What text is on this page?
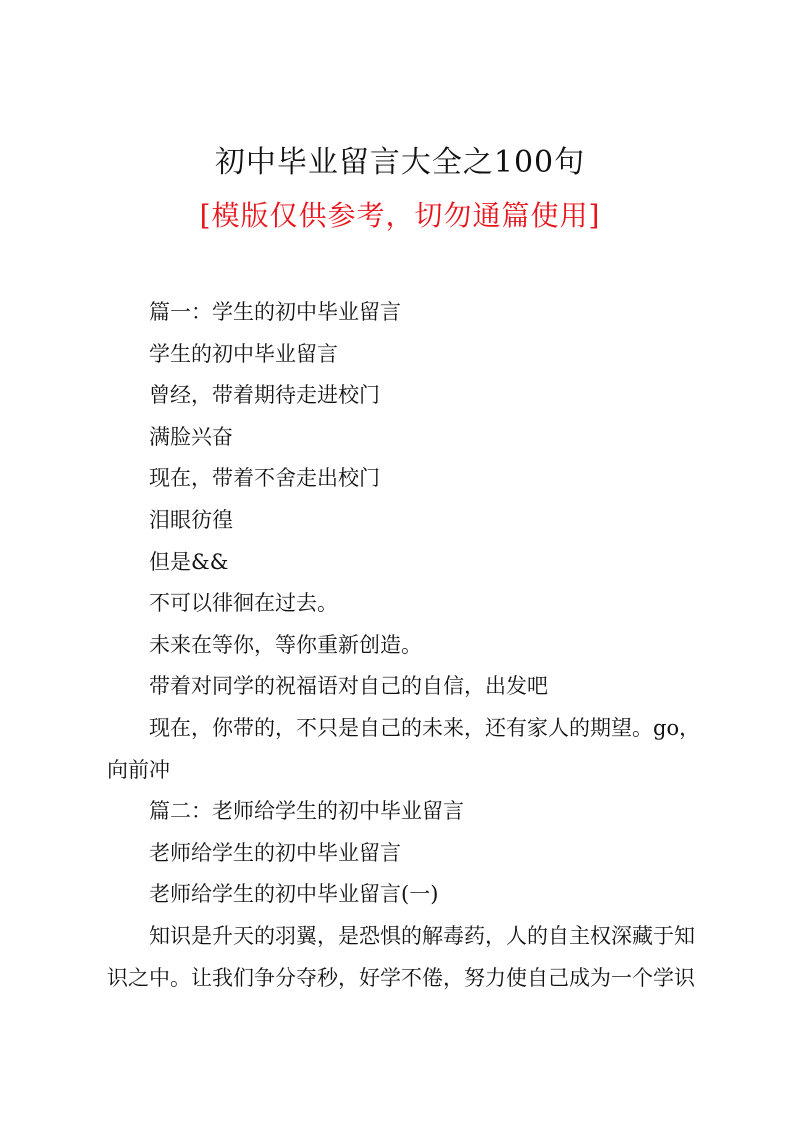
初中毕业留言大全之100句
[模版仅供参考，切勿通篇使用]

篇一：学生的初中毕业留言

学生的初中毕业留言

曾经，带着期待走进校门

满脸兴奋

现在，带着不舍走出校门

泪眼彷徨

但是&&

不可以徘徊在过去。

未来在等你，等你重新创造。

带着对同学的祝福语对自己的自信，出发吧

现在，你带的，不只是自己的未来，还有家人的期望。go，向前冲

篇二：老师给学生的初中毕业留言

老师给学生的初中毕业留言

老师给学生的初中毕业留言(一)

知识是升天的羽翼，是恐惧的解毒药，人的自主权深藏于知识之中。让我们争分夺秒，好学不倦，努力使自己成为一个学识
